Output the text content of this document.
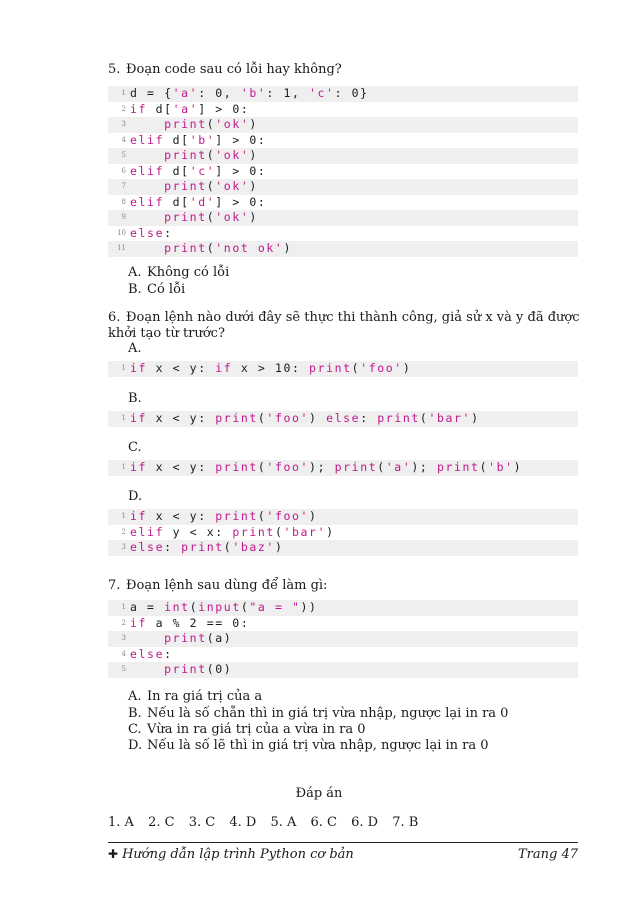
5. Đoạn code sau có lỗi hay không?
1 d = {'a': 0, 'b': 1, 'c': 0}
2 if d['a'] > 0:
3	print('ok')
4 elif d['b'] > 0:
5	print('ok')
6 elif d['c'] > 0:
7	print('ok')
8 elif d['d'] > 0:
9	print('ok')
10 else:
11	print('not ok')
A. Không có lỗi
B. Có lỗi
6. Đoạn lệnh nào dưới đây sẽ thực thi thành công, giả sử x và y đã được khởi tạo từ trước?
A.
1 if x < y: if x > 10: print('foo')
B.
1 if x < y: print('foo') else: print('bar')
C.
1 if x < y: print('foo'); print('a'); print('b')
D.
1 if x < y: print('foo')
2 elif y < x: print('bar')
3 else: print('baz')
7. Đoạn lệnh sau dùng để làm gì:
1 a = int(input("a = "))
2 if a % 2 == 0:
3	print(a)
4 else:
5	print(0)
A. In ra giá trị của a
B. Nếu là số chẵn thì in giá trị vừa nhập, ngược lại in ra 0
C. Vừa in ra giá trị của a vừa in ra 0
D. Nếu là số lẽ thì in giá trị vừa nhập, ngược lại in ra 0
Đáp án
1. A 2. C 3. C 4. D 5. A 6. C 6. D 7. B
✚ Hướng dẫn lập trình Python cơ bản	Trang 47
